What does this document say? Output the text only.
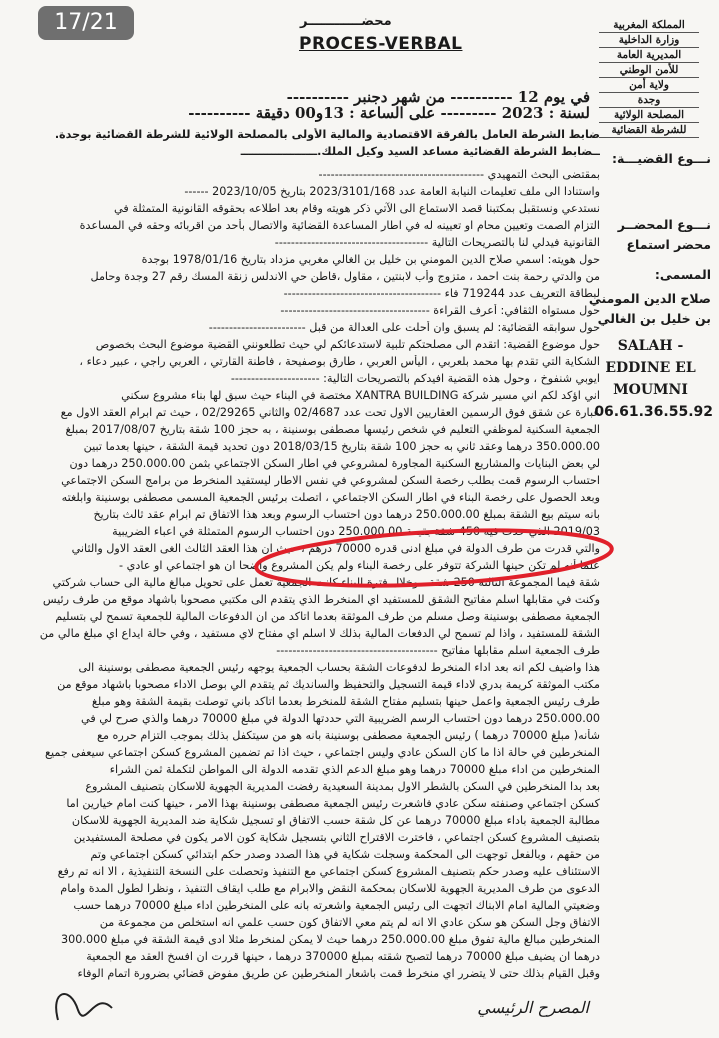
17/21	محضــــــــــــر
PROCES-VERBAL
المملكة المغربية
وزارة الداخلية
المديرية العامة
للأمن الوطني
ولاية أمن
وجدة
المصلحة الولائية
للشرطة القضائية
في يوم 12 ---------- من شهر دجنبر ----------
لسنة : 2023 --------- على الساعة : 13و00 دقيقة ----------
نـــوع القضيـــة:
نـــوع المحضــر
محضر استماع
المسمى:
صلاح الدين المومني
بن خليل بن الغالي
SALAH -
EDDINE EL
MOUMNI
06.61.36.55.92
ضابط الشرطة العامل بالفرقة الاقتصادية والمالية الأولى بالمصلحة الولائية للشرطة القضائية بوجدة.
ــضابط الشرطة القضائية مساعد السيد وكيل الملك.ــــــــــــــــــــ
بمقتضى البحث التمهيدي -----------------------------------------
واستنادا الى ملف تعليمات النيابة العامة عدد 2023/3101/168 بتاريخ 2023/10/05 ------
نستدعي ونستقبل بمكتبنا قصد الاستماع الى الآتي ذكر هويته وقام بعد اطلاعه بحقوقه القانونية المتمثلة في
التزام الصمت وتعيين محام او تعيينه له في اطار المساعدة القضائية والاتصال بأحد من اقربائه وحقه في المساعدة
القانونية فيدلي لنا بالتصريحات التالية --------------------------------------
حول هويته: اسمي صلاح الدين المومني بن خليل بن الغالي مغربي مزداد بتاريخ 1978/01/16 بوجدة
من والدتي رحمة بنت احمد ، متزوج وأب لابنتين ، مقاول ،قاطن حي الاندلس زنقة المسك رقم 27 وجدة وحامل
لبطاقة التعريف عدد 719244 فاء ---------------------------------------
حول مستواه الثقافي: أعرف القراءة -------------------------------------
حول سوابقه القضائية: لم يسبق وان أحلت على العدالة من قبل ------------------------
حول موضوع القضية: اتقدم الى مصلحتكم تلبية لاستدعائكم لي حيث تطلعونني القضية موضوع البحث بخصوص
الشكاية التي تقدم بها محمد بلعربي ، اليأس العربي ، طارق بوصفيحة ، فاطنة القارتي ، العربي راجي ، عبير دعاء ،
ايوبي شنفوخ ، وحول هذه القضية افيدكم بالتصريحات التالية: ----------------------
اني اؤكد لكم اني مسير شركة XANTRA BUILDING مختصة في البناء حيث سبق لها بناء مشروع سكني
عبارة عن شقق فوق الرسمين العقاريين الاول تحت عدد 02/4687 والثاني 02/29265 ، حيث تم ابرام العقد الاول مع
الجمعية السكنية لموظفي التعليم في شخص رئيسها مصطفى بوسنينة ، به حجز 100 شقة بتاريخ 2017/08/07 بمبلغ
350.000.00 درهما وعقد ثاني به حجز 100 شقة بتاريخ 2018/03/15 دون تحديد قيمة الشقة ، حينها بعدما تبين
لي بعض البنايات والمشاريع السكنية المجاورة لمشروعي في اطار السكن الاجتماعي بثمن 250.000.00 درهما دون
احتساب الرسوم قمت بطلب رخصة السكن لمشروعي في نفس الاطار ليستفيد المنخرط من برامج السكن الاجتماعي
وبعد الحصول على رخصة البناء في اطار السكن الاجتماعي ، اتصلت برئيس الجمعية المسمى مصطفى بوسنينة وابلغته
بانه سيتم بيع الشقة بمبلغ 250.000.00 درهما دون احتساب الرسوم وبعد هذا الاتفاق تم ابرام عقد ثالث بتاريخ
2019/03 الذي حدث فيه 450 شقة بقيمة 250.000.00 دون احتساب الرسوم المتمثلة في اعباء الضريبية
والتي قدرت من طرف الدولة في مبلغ ادنى قدره 70000 درهم ، حيث ان هذا العقد الثالث الغى العقد الاول والثاني
علما أنه لم تكن حينها الشركة تتوفر على رخصة البناء ولم يكن المشروع واضحا ان هو اجتماعي او عادي -
شقة فيما المجموعة الثالثة 250 شقة ، وخلال فترة البناء كانت الجمعية تعمل على تحويل مبالغ مالية الى حساب شركتي
وكنت في مقابلها اسلم مفاتيح الشقق للمستفيد اي المنخرط الذي يتقدم الى مكتبي مصحوبا باشهاد موقع من طرف رئيس
الجمعية مصطفى بوسنينة وصل مسلم من طرف الموثقة بعدما اتاكد من ان الدفوعات المالية للجمعية تسمح لي بتسليم
الشقة للمستفيد ، واذا لم تسمح لي الدفعات المالية بذلك لا اسلم اي مفتاح لاي مستفيد ، وفي حالة ايداع اي مبلغ مالي من
طرف الجمعية اسلم مقابلها مفاتيح ----------------------------------------
هذا واضيف لكم انه بعد اداء المنخرط لدفوعات الشقة بحساب الجمعية يوجهه رئيس الجمعية مصطفى بوسنينة الى
مكتب الموثقة كريمة بدري لاداء قيمة التسجيل والتحفيظ والسانديك ثم يتقدم الي بوصل الاداء مصحوبا باشهاد موقع من
طرف رئيس الجمعية واعمل حينها بتسليم مفتاح الشقة للمنخرط بعدما اتاكد باني توصلت بقيمة الشقة وهو مبلغ
250.000.00 درهما دون احتساب الرسم الضريبية التي حددتها الدولة في مبلغ 70000 درهما والذي صرح لي في
شأنه( مبلغ 70000 درهما ) رئيس الجمعية مصطفى بوسنينة بانه هو من سيتكفل بذلك بموجب التزام حرره مع
المنخرطين في حالة اذا ما كان السكن عادي وليس اجتماعي ، حيث اذا تم تضمين المشروع كسكن اجتماعي سيعفى جميع
المنخرطين من اداء مبلغ 70000 درهما وهو مبلغ الدعم الذي تقدمه الدولة الى المواطن لتكملة ثمن الشراء
بعد بدا المنخرطين في السكن بالشطر الاول بمدينة السعيدية رفضت المديرية الجهوية للاسكان بتصنيف المشروع
كسكن اجتماعي وصنفته سكن عادي فاشعرت رئيس الجمعية مصطفى بوسنينة بهذا الامر ، حينها كنت امام خيارين اما
مطالبة الجمعية باداء مبلغ 70000 درهما عن كل شقة حسب الاتفاق او تسجيل شكاية ضد المديرية الجهوية للاسكان
بتصنيف المشروع كسكن اجتماعي ، فاخترت الاقتراح الثاني بتسجيل شكاية كون الامر يكون في مصلحة المستفيدين
من حقهم ، وبالفعل توجهت الى المحكمة وسجلت شكاية في هذا الصدد وصدر حكم ابتدائي كسكن اجتماعي وتم
الاستئناف عليه وصدر حكم بتصنيف المشروع كسكن اجتماعي مع التنفيذ وتحصلت على النسخة التنفيذية ، الا انه تم رفع
الدعوى من طرف المديرية الجهوية للاسكان بمحكمة النقض والابرام مع طلب ايقاف التنفيذ ، ونظرا لطول المدة وامام
وضعيتي المالية امام الابناك اتجهت الى رئيس الجمعية واشعرته بانه على المنخرطين اداء مبلغ 70000 درهما حسب
الاتفاق وجل السكن هو سكن عادي الا انه لم يتم معي الاتفاق كون حسب علمي انه استخلص من مجموعة من
المنخرطين مبالغ مالية تفوق مبلغ 250.000.00 درهما حيث لا يمكن لمنخرط مثلا ادى قيمة الشقة في مبلغ 300.000
درهما ان يضيف مبلغ 70000 درهما لتصبح شقته بمبلغ 370000 درهما ، حينها قررت ان افسخ العقد مع الجمعية
وقبل القيام بذلك حتى لا يتضرر اي منخرط قمت باشعار المنخرطين عن طريق مفوض قضائي بضرورة اتمام الوفاء
المصرح الرئيسي
